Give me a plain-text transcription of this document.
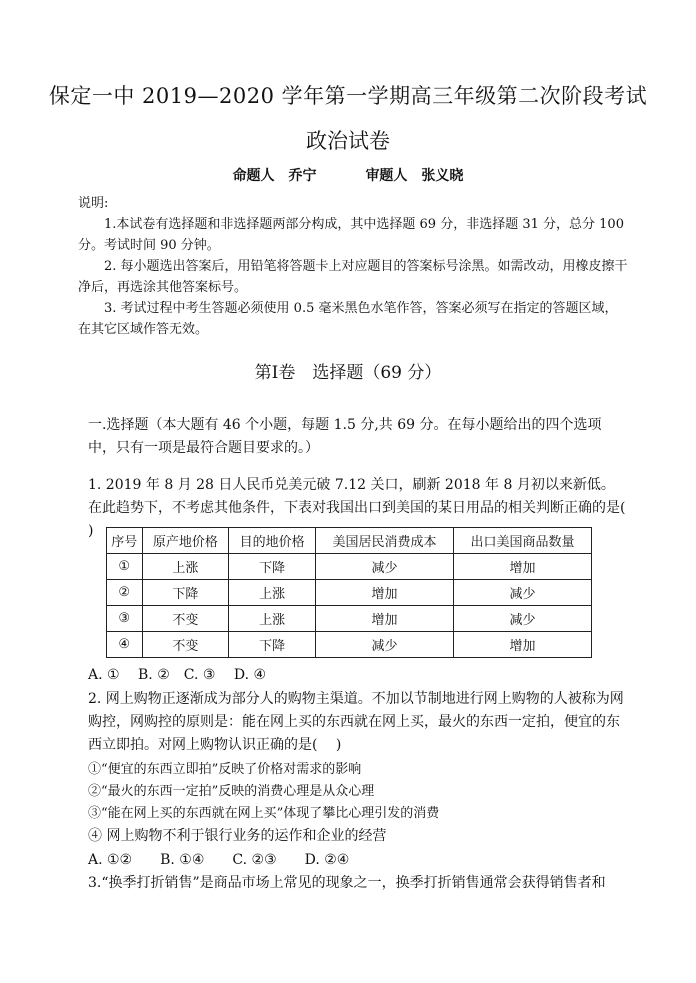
保定一中 2019—2020 学年第一学期高三年级第二次阶段考试
政治试卷
命题人　乔宁	审题人　张义晓
说明:

1.本试卷有选择题和非选择题两部分构成，其中选择题 69 分，非选择题 31 分，总分 100 分。考试时间 90 分钟。

2. 每小题选出答案后，用铅笔将答题卡上对应题目的答案标号涂黑。如需改动，用橡皮擦干净后，再选涂其他答案标号。

3. 考试过程中考生答题必须使用 0.5 毫米黑色水笔作答，答案必须写在指定的答题区域，在其它区域作答无效。

第Ⅰ卷　选择题（69 分）
一.选择题（本大题有 46 个小题，每题 1.5 分,共 69 分。在每小题给出的四个选项中，只有一项是最符合题目要求的。）
1. 2019 年 8 月 28 日人民币兑美元破 7.12 关口，刷新 2018 年 8 月初以来新低。在此趋势下，不考虑其他条件，下表对我国出口到美国的某日用品的相关判断正确的是(　 )
序号	原产地价格	目的地价格	美国居民消费成本	出口美国商品数量
①	上涨	下降	减少	增加
②	下降	上涨	增加	减少
③	不变	上涨	增加	减少
④	不变	下降	减少	增加
A. ①　 B. ②　C. ③　 D. ④
2. 网上购物正逐渐成为部分人的购物主渠道。不加以节制地进行网上购物的人被称为网购控，网购控的原则是：能在网上买的东西就在网上买，最火的东西一定拍，便宜的东西立即拍。对网上购物认识正确的是(　 )
①“便宜的东西立即拍”反映了价格对需求的影响
②“最火的东西一定拍”反映的消费心理是从众心理
③“能在网上买的东西就在网上买”体现了攀比心理引发的消费
④ 网上购物不利于银行业务的运作和企业的经营
A. ①②　　B. ①④　　C. ②③　　D. ②④
3.“换季打折销售”是商品市场上常见的现象之一，换季打折销售通常会获得销售者和
